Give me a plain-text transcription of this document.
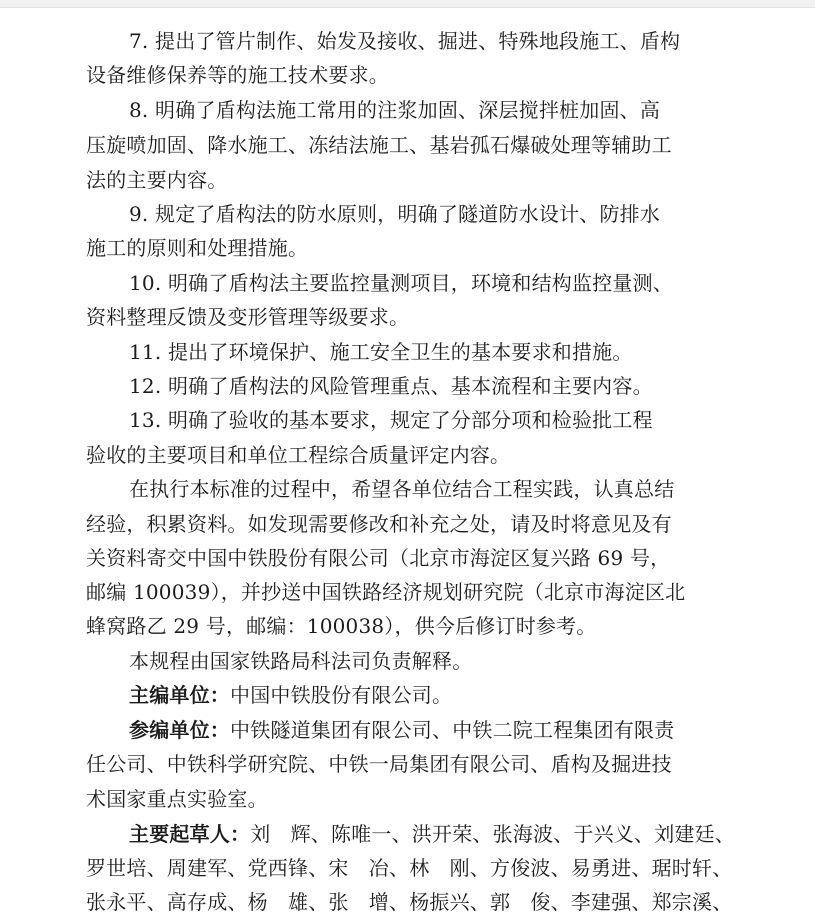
7. 提出了管片制作、始发及接收、掘进、特殊地段施工、盾构
设备维修保养等的施工技术要求。
8. 明确了盾构法施工常用的注浆加固、深层搅拌桩加固、高
压旋喷加固、降水施工、冻结法施工、基岩孤石爆破处理等辅助工
法的主要内容。
9. 规定了盾构法的防水原则，明确了隧道防水设计、防排水
施工的原则和处理措施。
10. 明确了盾构法主要监控量测项目，环境和结构监控量测、
资料整理反馈及变形管理等级要求。
11. 提出了环境保护、施工安全卫生的基本要求和措施。
12. 明确了盾构法的风险管理重点、基本流程和主要内容。
13. 明确了验收的基本要求，规定了分部分项和检验批工程
验收的主要项目和单位工程综合质量评定内容。
在执行本标准的过程中，希望各单位结合工程实践，认真总结
经验，积累资料。如发现需要修改和补充之处，请及时将意见及有
关资料寄交中国中铁股份有限公司（北京市海淀区复兴路 69 号，
邮编 100039），并抄送中国铁路经济规划研究院（北京市海淀区北
蜂窝路乙 29 号，邮编：100038），供今后修订时参考。
本规程由国家铁路局科法司负责解释。
主编单位：中国中铁股份有限公司。
参编单位：中铁隧道集团有限公司、中铁二院工程集团有限责
任公司、中铁科学研究院、中铁一局集团有限公司、盾构及掘进技
术国家重点实验室。
主要起草人：刘　辉、陈唯一、洪开荣、张海波、于兴义、刘建廷、
罗世培、周建军、党西锋、宋　冶、林　刚、方俊波、易勇进、琚时轩、
张永平、高存成、杨　雄、张　增、杨振兴、郭　俊、李建强、郑宗溪、
